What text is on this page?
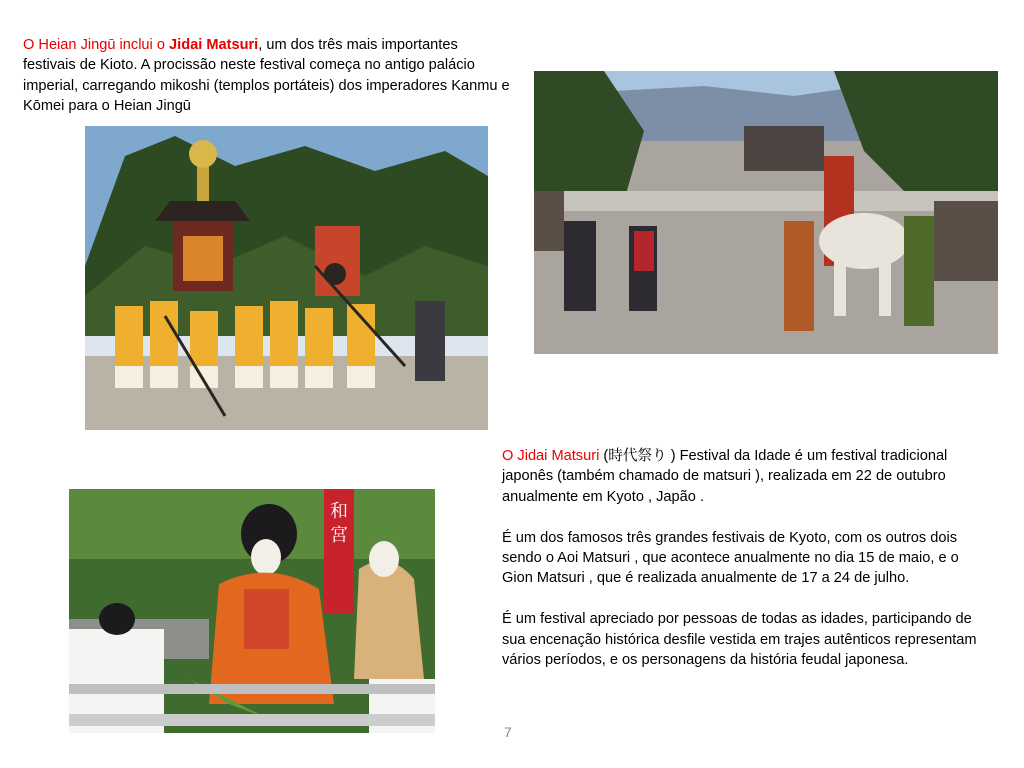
O Heian Jingū inclui o Jidai Matsuri, um dos três mais importantes festivais de Kioto. A procissão neste festival começa no antigo palácio imperial, carregando mikoshi (templos portáteis) dos imperadores Kanmu e Kōmei para o Heian Jingū

O Jidai Matsuri (時代祭り ) Festival da Idade é um festival tradicional japonês (também chamado de matsuri ), realizada em 22 de outubro anualmente em Kyoto , Japão .

É um dos famosos três grandes festivais de Kyoto, com os outros dois sendo o Aoi Matsuri , que acontece anualmente no dia 15 de maio, e o Gion Matsuri , que é realizada anualmente de 17 a 24 de julho.

É um festival apreciado por pessoas de todas as idades, participando de sua encenação histórica desfile vestida em trajes autênticos representam vários períodos, e os personagens da história feudal japonesa.

和
宮
7
